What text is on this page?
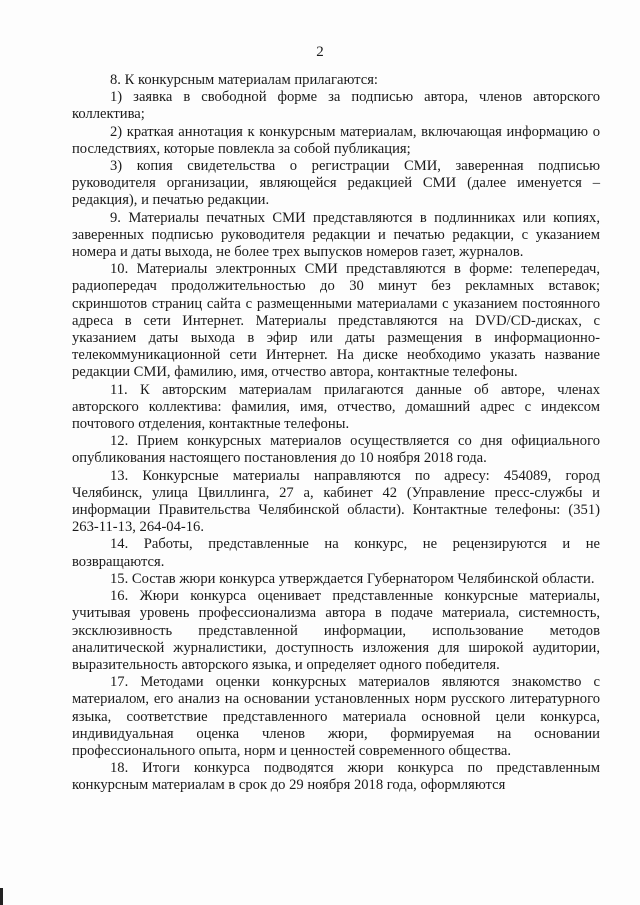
2

8. К конкурсным материалам прилагаются:

1) заявка в свободной форме за подписью автора, членов авторского коллектива;

2) краткая аннотация к конкурсным материалам, включающая информацию о последствиях, которые повлекла за собой публикация;

3) копия свидетельства о регистрации СМИ, заверенная подписью руководителя организации, являющейся редакцией СМИ (далее именуется – редакция), и печатью редакции.

9. Материалы печатных СМИ представляются в подлинниках или копиях, заверенных подписью руководителя редакции и печатью редакции, с указанием номера и даты выхода, не более трех выпусков номеров газет, журналов.

10. Материалы электронных СМИ представляются в форме: телепередач, радиопередач продолжительностью до 30 минут без рекламных вставок; скриншотов страниц сайта с размещенными материалами с указанием постоянного адреса в сети Интернет. Материалы представляются на DVD/CD-дисках, с указанием даты выхода в эфир или даты размещения в информационно-телекоммуникационной сети Интернет. На диске необходимо указать название редакции СМИ, фамилию, имя, отчество автора, контактные телефоны.

11. К авторским материалам прилагаются данные об авторе, членах авторского коллектива: фамилия, имя, отчество, домашний адрес с индексом почтового отделения, контактные телефоны.

12. Прием конкурсных материалов осуществляется со дня официального опубликования настоящего постановления до 10 ноября 2018 года.

13. Конкурсные материалы направляются по адресу: 454089, город Челябинск, улица Цвиллинга, 27 а, кабинет 42 (Управление пресс-службы и информации Правительства Челябинской области). Контактные телефоны: (351) 263-11-13, 264-04-16.

14. Работы, представленные на конкурс, не рецензируются и не возвращаются.

15. Состав жюри конкурса утверждается Губернатором Челябинской области.

16. Жюри конкурса оценивает представленные конкурсные материалы, учитывая уровень профессионализма автора в подаче материала, системность, эксклюзивность представленной информации, использование методов аналитической журналистики, доступность изложения для широкой аудитории, выразительность авторского языка, и определяет одного победителя.

17. Методами оценки конкурсных материалов являются знакомство с материалом, его анализ на основании установленных норм русского литературного языка, соответствие представленного материала основной цели конкурса, индивидуальная оценка членов жюри, формируемая на основании профессионального опыта, норм и ценностей современного общества.

18. Итоги конкурса подводятся жюри конкурса по представленным конкурсным материалам в срок до 29 ноября 2018 года, оформляются
